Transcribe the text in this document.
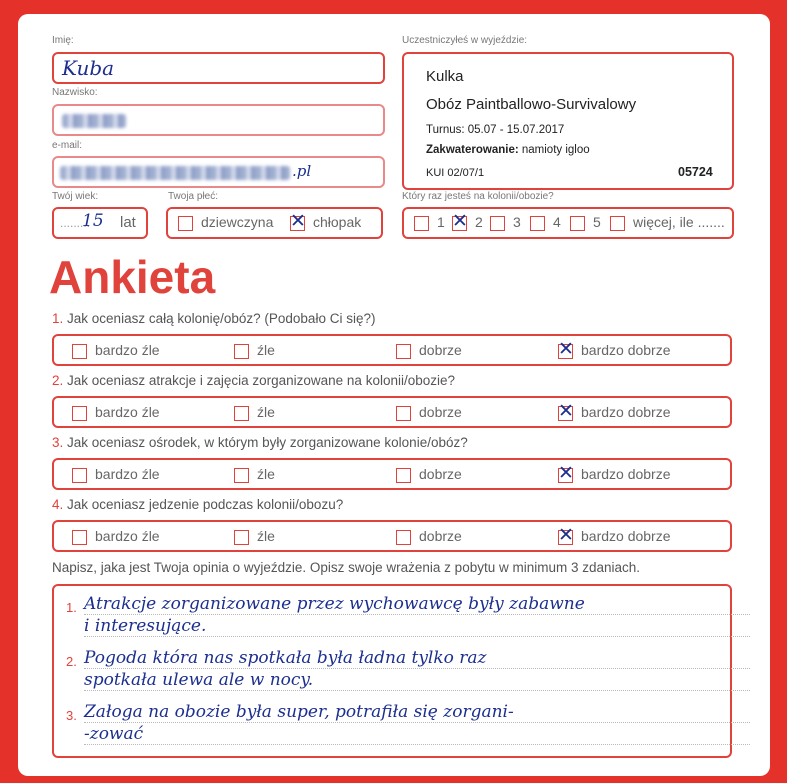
Imię:
Kuba
Nazwisko:
e-mail:
.pl
Twój wiek:
.........
15 lat
Twoja płeć:
dziewczyna ✕	chłopak
Uczestniczyłeś w wyjeździe:
Kulka
Obóz Paintballowo-Survivalowy
Turnus: 05.07 - 15.07.2017
Zakwaterowanie: namioty igloo
KUI 02/07/1	05724
Który raz jesteś na kolonii/obozie?
1 ✕	2	3	4	5	więcej, ile .......
Ankieta
1. Jak oceniasz całą kolonię/obóz? (Podobało Ci się?)
bardzo źle	źle	dobrze ✕	bardzo dobrze
2. Jak oceniasz atrakcje i zajęcia zorganizowane na kolonii/obozie?
bardzo źle	źle	dobrze ✕	bardzo dobrze
3. Jak oceniasz ośrodek, w którym były zorganizowane kolonie/obóz?
bardzo źle	źle	dobrze ✕	bardzo dobrze
4. Jak oceniasz jedzenie podczas kolonii/obozu?
bardzo źle	źle	dobrze ✕	bardzo dobrze
Napisz, jaka jest Twoja opinia o wyjeździe. Opisz swoje wrażenia z pobytu w minimum 3 zdaniach.
1.
2.
3.
Atrakcje zorganizowane przez wychowawcę były zabawne
i interesujące.
Pogoda która nas spotkała była ładna tylko raz
spotkała ulewa ale w nocy.
Załoga na obozie była super, potrafiła się zorgani-
-zować
